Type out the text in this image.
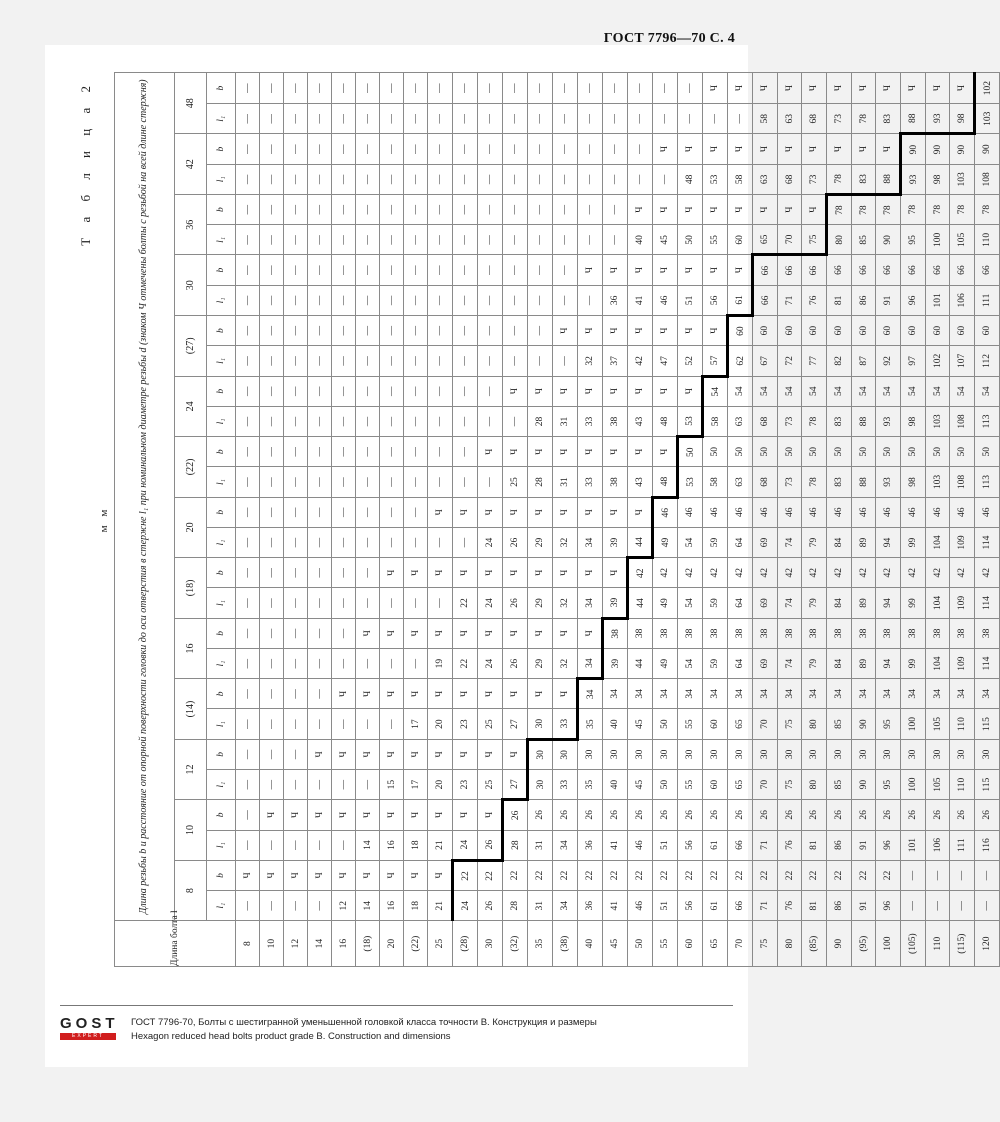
ГОСТ 7796—70 С. 4
Т а б л и ц а 2
м м
Длина болта l	Длина резьбы b и расстояние от опорной поверхности головки до оси отверстия в стержне l₁ при номинальном диаметре резьбы d (знаком Ч отмечены болты с резьбой на всей длине стержня)																											
	8		10		12		(14)		16		(18)		20		(22)		24		(27)		30		36		42		48	
	l₁	b	l₁	b	l₁	b	l₁	b	l₁	b	l₁	b	l₁	b	l₁	b	l₁	b	l₁	b	l₁	b	l₁	b	l₁	b	l₁	b
8	—	Ч	—	—	—	—	—	—	—	—	—	—	—	—	—	—	—	—	—	—	—	—	—	—	—	—	—	—
10	—	Ч	—	Ч	—	—	—	—	—	—	—	—	—	—	—	—	—	—	—	—	—	—	—	—	—	—	—	—
12	—	Ч	—	Ч	—	—	—	—	—	—	—	—	—	—	—	—	—	—	—	—	—	—	—	—	—	—	—	—
14	—	Ч	—	Ч	—	Ч	—	—	—	—	—	—	—	—	—	—	—	—	—	—	—	—	—	—	—	—	—	—
16	12	Ч	—	Ч	—	Ч	—	Ч	—	—	—	—	—	—	—	—	—	—	—	—	—	—	—	—	—	—	—	—
(18)	14	Ч	14	Ч	—	Ч	—	Ч	—	Ч	—	—	—	—	—	—	—	—	—	—	—	—	—	—	—	—	—	—
20	16	Ч	16	Ч	15	Ч	—	Ч	—	Ч	—	Ч	—	—	—	—	—	—	—	—	—	—	—	—	—	—	—	—
(22)	18	Ч	18	Ч	17	Ч	17	Ч	—	Ч	—	Ч	—	—	—	—	—	—	—	—	—	—	—	—	—	—	—	—
25	21	Ч	21	Ч	20	Ч	20	Ч	19	Ч	—	Ч	—	Ч	—	—	—	—	—	—	—	—	—	—	—	—	—	—
(28)	24	22	24	Ч	23	Ч	23	Ч	22	Ч	22	Ч	—	Ч	—	—	—	—	—	—	—	—	—	—	—	—	—	—
30	26	22	26	Ч	25	Ч	25	Ч	24	Ч	24	Ч	24	Ч	—	Ч	—	—	—	—	—	—	—	—	—	—	—	—
(32)	28	22	28	26	27	Ч	27	Ч	26	Ч	26	Ч	26	Ч	25	Ч	—	Ч	—	—	—	—	—	—	—	—	—	—
35	31	22	31	26	30	30	30	Ч	29	Ч	29	Ч	29	Ч	28	Ч	28	Ч	—	—	—	—	—	—	—	—	—	—
(38)	34	22	34	26	33	30	33	Ч	32	Ч	32	Ч	32	Ч	31	Ч	31	Ч	—	Ч	—	—	—	—	—	—	—	—
40	36	22	36	26	35	30	35	34	34	Ч	34	Ч	34	Ч	33	Ч	33	Ч	32	Ч	—	Ч	—	—	—	—	—	—
45	41	22	41	26	40	30	40	34	39	38	39	Ч	39	Ч	38	Ч	38	Ч	37	Ч	36	Ч	—	—	—	—	—	—
50	46	22	46	26	45	30	45	34	44	38	44	42	44	Ч	43	Ч	43	Ч	42	Ч	41	Ч	40	Ч	—	—	—	—
55	51	22	51	26	50	30	50	34	49	38	49	42	49	46	48	Ч	48	Ч	47	Ч	46	Ч	45	Ч	—	Ч	—	—
60	56	22	56	26	55	30	55	34	54	38	54	42	54	46	53	50	53	Ч	52	Ч	51	Ч	50	Ч	48	Ч	—	—
65	61	22	61	26	60	30	60	34	59	38	59	42	59	46	58	50	58	54	57	Ч	56	Ч	55	Ч	53	Ч	—	Ч
70	66	22	66	26	65	30	65	34	64	38	64	42	64	46	63	50	63	54	62	60	61	Ч	60	Ч	58	Ч	—	Ч
75	71	22	71	26	70	30	70	34	69	38	69	42	69	46	68	50	68	54	67	60	66	66	65	Ч	63	Ч	58	Ч
80	76	22	76	26	75	30	75	34	74	38	74	42	74	46	73	50	73	54	72	60	71	66	70	Ч	68	Ч	63	Ч
(85)	81	22	81	26	80	30	80	34	79	38	79	42	79	46	78	50	78	54	77	60	76	66	75	Ч	73	Ч	68	Ч
90	86	22	86	26	85	30	85	34	84	38	84	42	84	46	83	50	83	54	82	60	81	66	80	78	78	Ч	73	Ч
(95)	91	22	91	26	90	30	90	34	89	38	89	42	89	46	88	50	88	54	87	60	86	66	85	78	83	Ч	78	Ч
100	96	22	96	26	95	30	95	34	94	38	94	42	94	46	93	50	93	54	92	60	91	66	90	78	88	Ч	83	Ч
(105)	—	—	101	26	100	30	100	34	99	38	99	42	99	46	98	50	98	54	97	60	96	66	95	78	93	90	88	Ч
110	—	—	106	26	105	30	105	34	104	38	104	42	104	46	103	50	103	54	102	60	101	66	100	78	98	90	93	Ч
(115)	—	—	111	26	110	30	110	34	109	38	109	42	109	46	108	50	108	54	107	60	106	66	105	78	103	90	98	Ч
120	—	—	116	26	115	30	115	34	114	38	114	42	114	46	113	50	113	54	112	60	111	66	110	78	108	90	103	102
GOST
EXPERT
ГОСТ 7796-70, Болты с шестигранной уменьшенной головкой класса точности В. Конструкция и размеры
Hexagon reduced head bolts product grade B. Construction and dimensions
